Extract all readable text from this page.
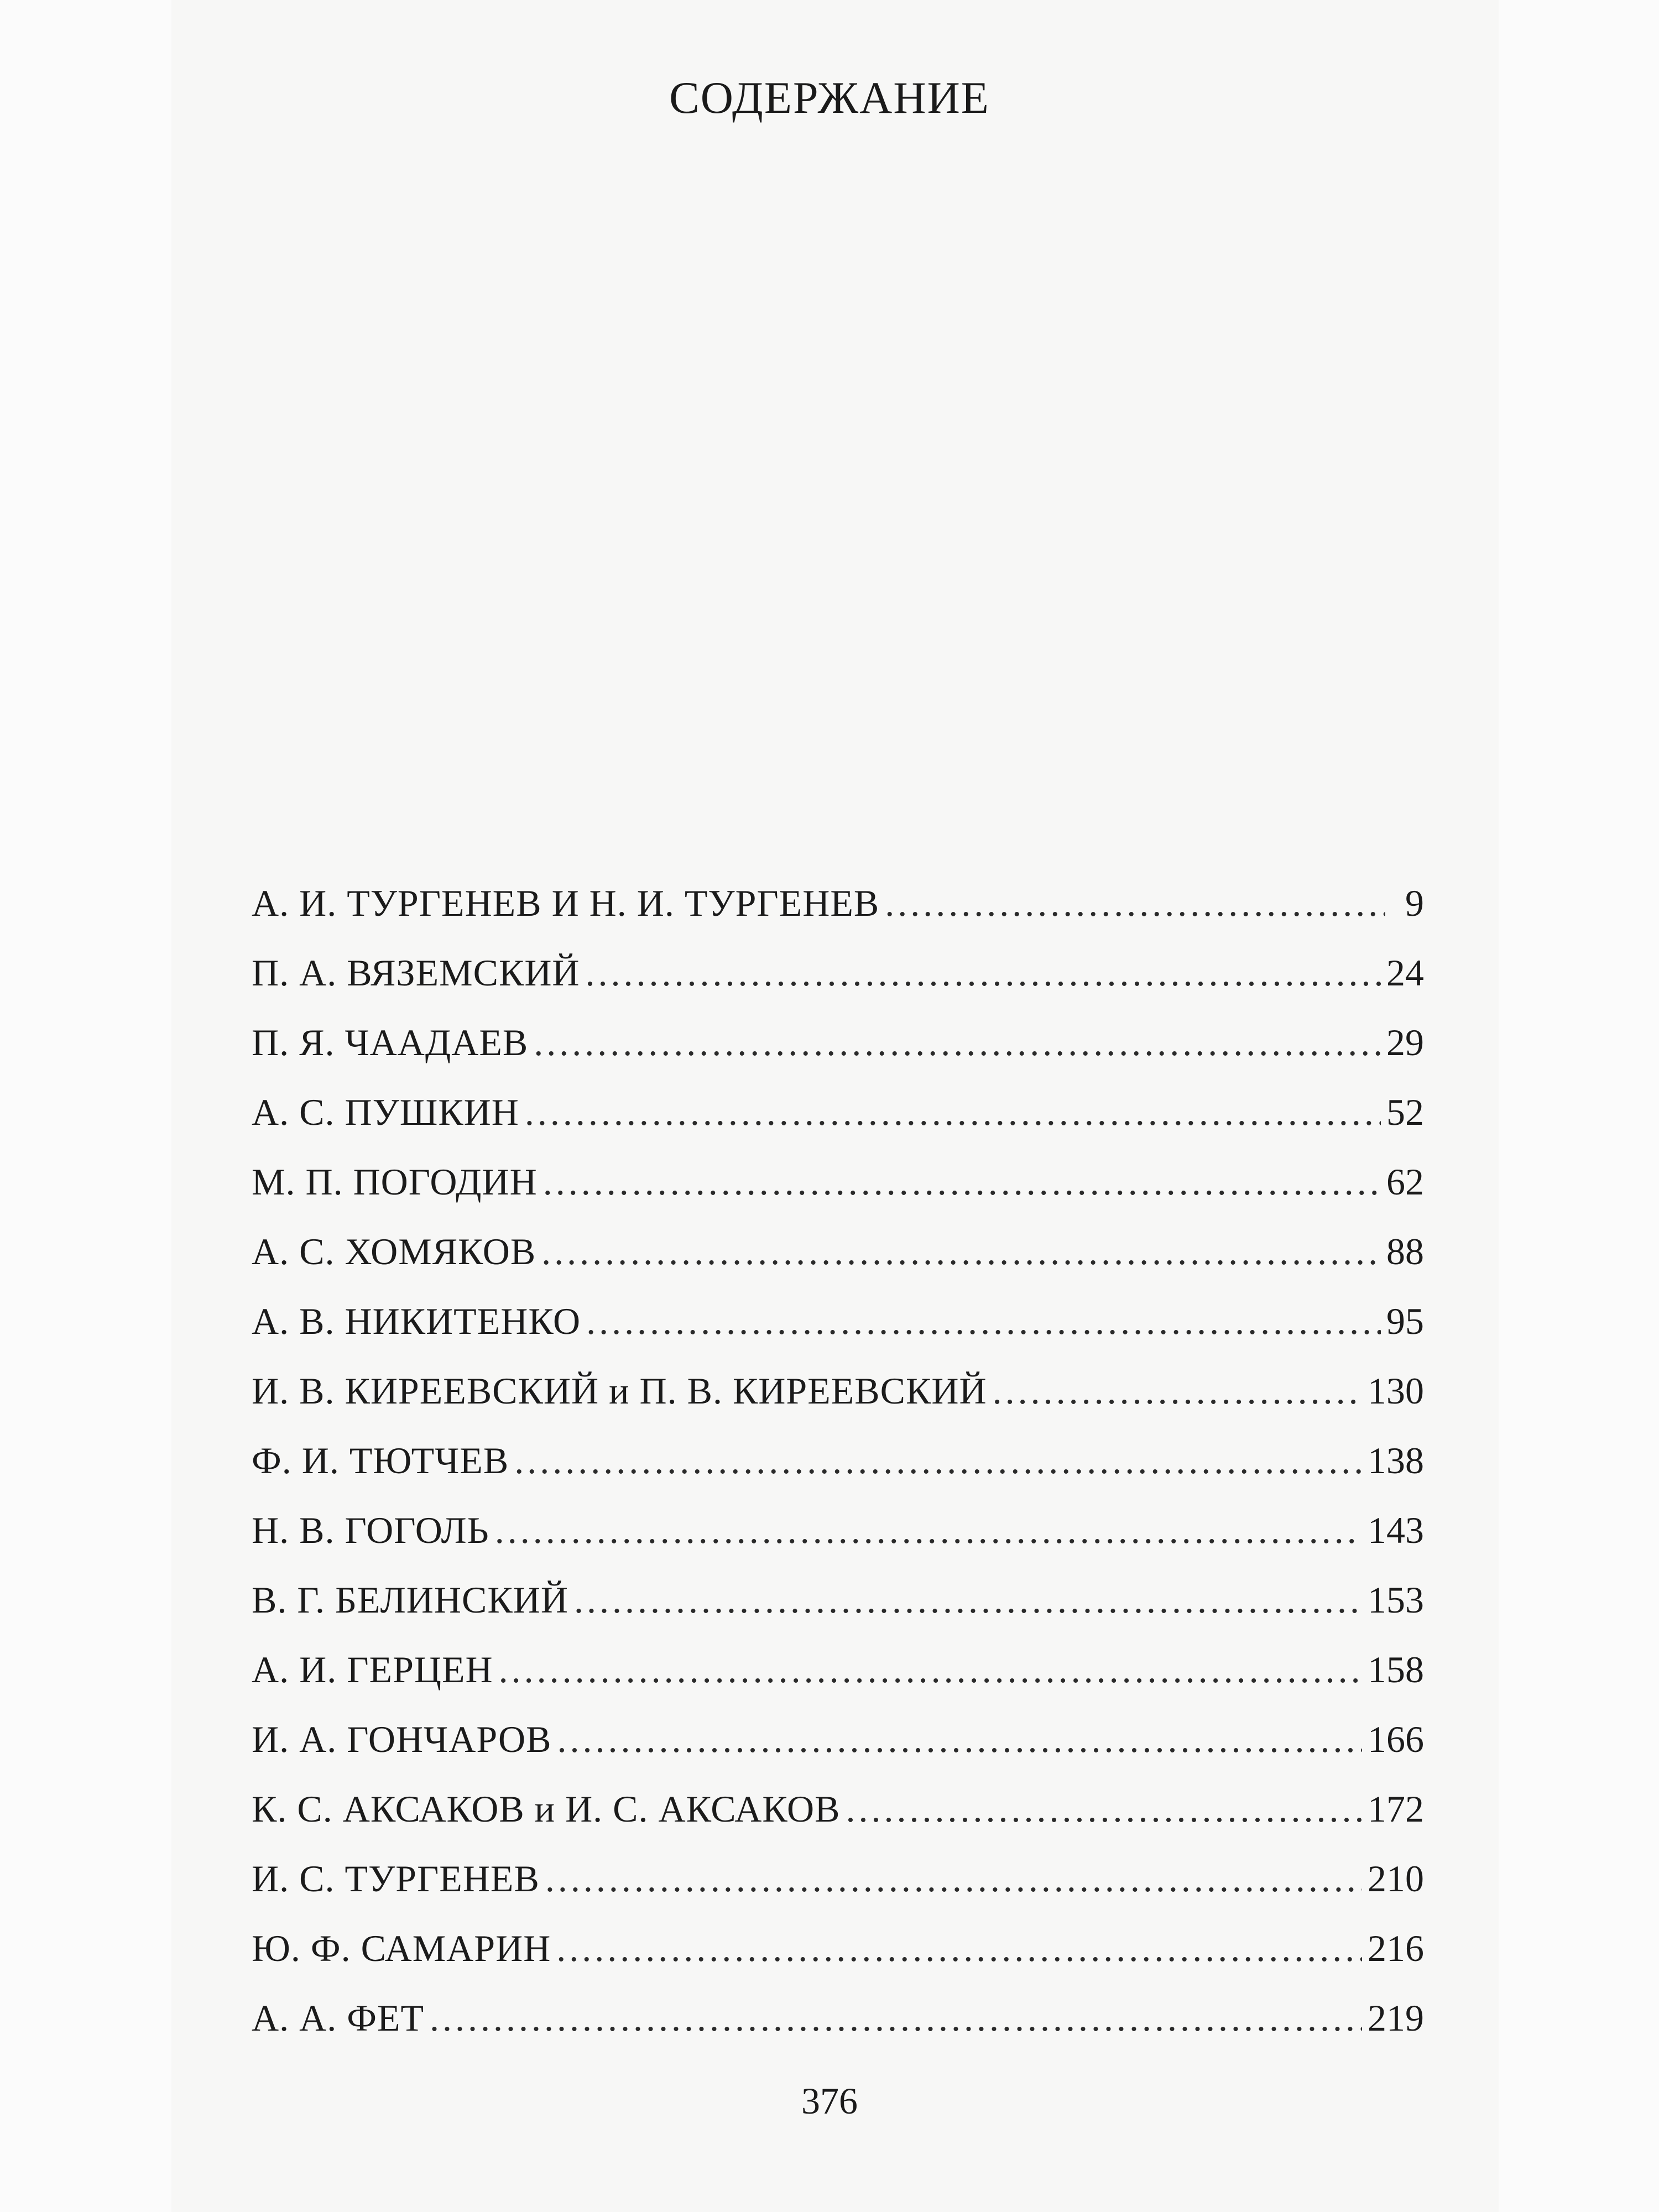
СОДЕРЖАНИЕ
А. И. ТУРГЕНЕВ И Н. И. ТУРГЕНЕВ .....	9
П. А. ВЯЗЕМСКИЙ .....	24
П. Я. ЧААДАЕВ .....	29
А. С. ПУШКИН .....	52
М. П. ПОГОДИН .....	62
А. С. ХОМЯКОВ .....	88
А. В. НИКИТЕНКО .....	95
И. В. КИРЕЕВСКИЙ и П. В. КИРЕЕВСКИЙ .....	130
Ф. И. ТЮТЧЕВ .....	138
Н. В. ГОГОЛЬ .....	143
В. Г. БЕЛИНСКИЙ .....	153
А. И. ГЕРЦЕН .....	158
И. А. ГОНЧАРОВ .....	166
К. С. АКСАКОВ и И. С. АКСАКОВ .....	172
И. С. ТУРГЕНЕВ .....	210
Ю. Ф. САМАРИН .....	216
А. А. ФЕТ .....	219
376
